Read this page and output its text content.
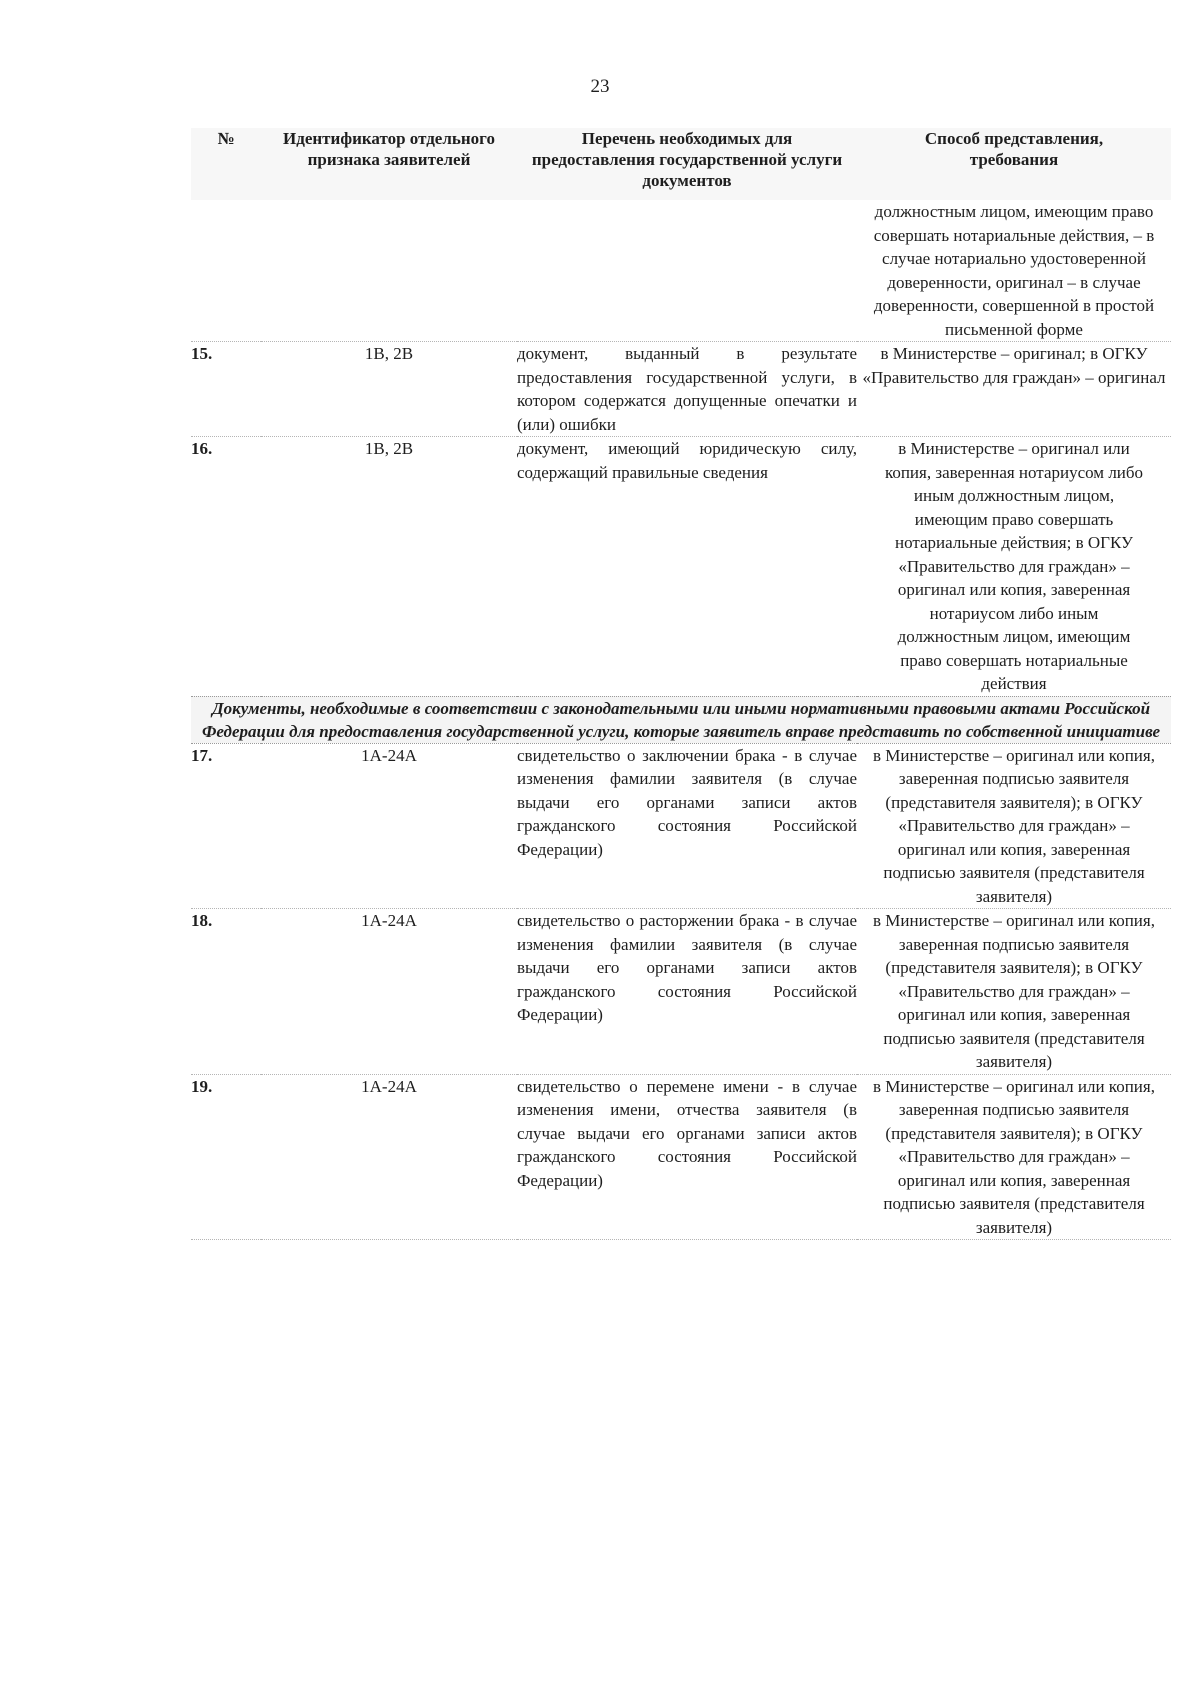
23
№	Идентификатор отдельного признака заявителей	Перечень необходимых для предоставления государственной услуги документов	Способ представления, требования
			должностным лицом, имеющим право совершать нотариальные действия, – в случае нотариально удостоверенной доверенности, оригинал – в случае доверенности, совершенной в простой письменной форме
15.	1В, 2В	документ, выданный в результате предоставления государственной услуги, в котором содержатся допущенные опечатки и (или) ошибки	в Министерстве – оригинал; в ОГКУ «Правительство для граждан» – оригинал
16.	1В, 2В	документ, имеющий юридическую силу, содержащий правильные сведения	в Министерстве – оригинал или копия, заверенная нотариусом либо иным должностным лицом, имеющим право совершать нотариальные действия; в ОГКУ «Правительство для граждан» – оригинал или копия, заверенная нотариусом либо иным должностным лицом, имеющим право совершать нотариальные действия
Документы, необходимые в соответствии с законодательными или иными нормативными правовыми актами Российской Федерации для предоставления государственной услуги, которые заявитель вправе представить по собственной инициативе			
17.	1А-24А	свидетельство о заключении брака - в случае изменения фамилии заявителя (в случае выдачи его органами записи актов гражданского состояния Российской Федерации)	в Министерстве – оригинал или копия, заверенная подписью заявителя (представителя заявителя); в ОГКУ «Правительство для граждан» – оригинал или копия, заверенная подписью заявителя (представителя заявителя)
18.	1А-24А	свидетельство о расторжении брака - в случае изменения фамилии заявителя (в случае выдачи его органами записи актов гражданского состояния Российской Федерации)	в Министерстве – оригинал или копия, заверенная подписью заявителя (представителя заявителя); в ОГКУ «Правительство для граждан» – оригинал или копия, заверенная подписью заявителя (представителя заявителя)
19.	1А-24А	свидетельство о перемене имени - в случае изменения имени, отчества заявителя (в случае выдачи его органами записи актов гражданского состояния Российской Федерации)	в Министерстве – оригинал или копия, заверенная подписью заявителя (представителя заявителя); в ОГКУ «Правительство для граждан» – оригинал или копия, заверенная подписью заявителя (представителя заявителя)
